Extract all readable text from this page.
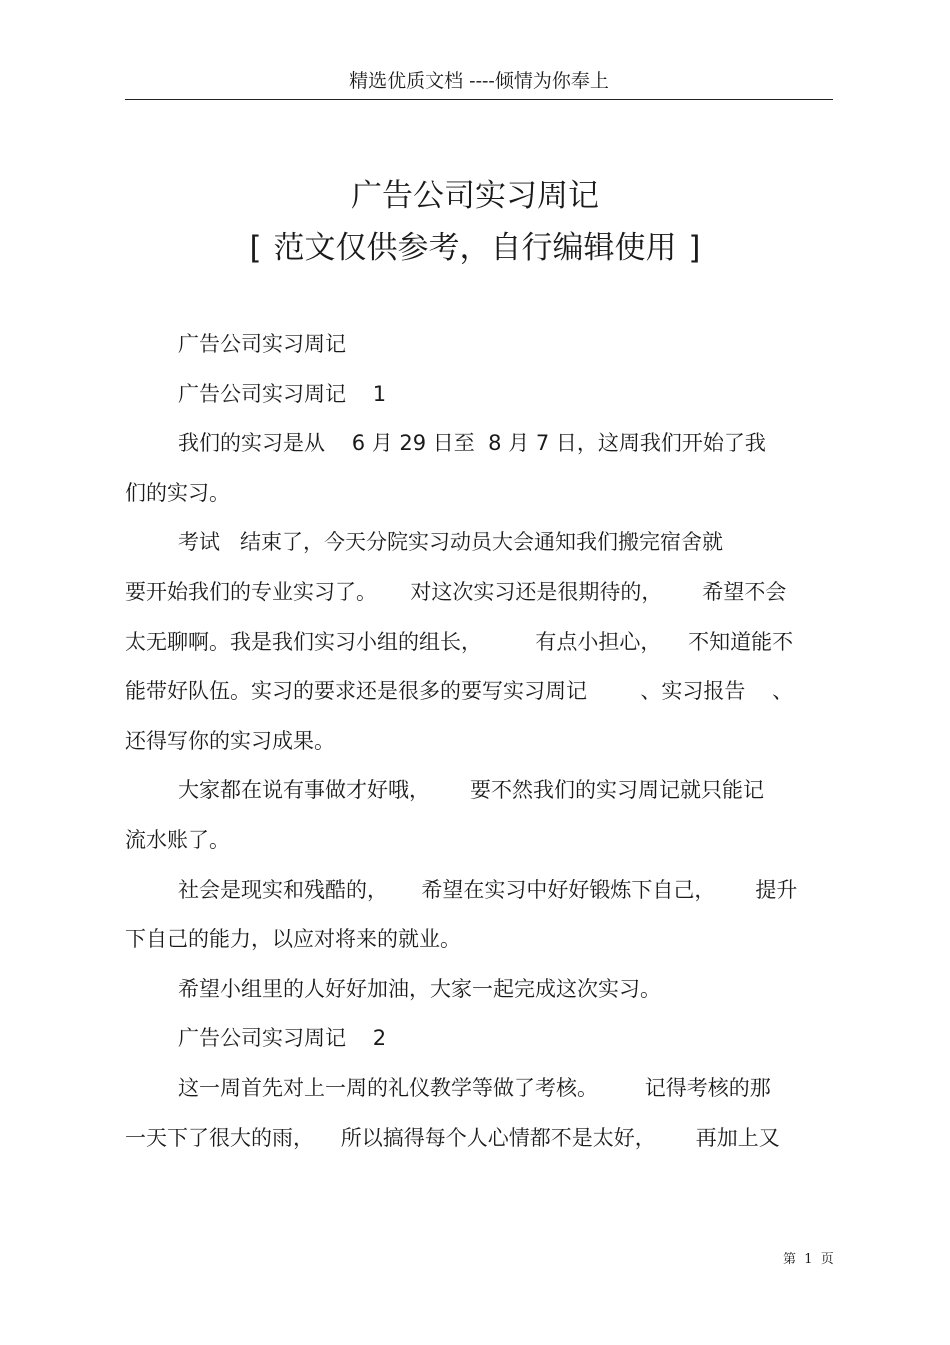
精选优质文档 ----倾情为你奉上
广告公司实习周记
[ 范文仅供参考，自行编辑使用 ]
广告公司实习周记
广告公司实习周记    1
我们的实习是从    6 月 29 日至  8 月 7 日，这周我们开始了我
们的实习。
考试   结束了，今天分院实习动员大会通知我们搬完宿舍就
要开始我们的专业实习了。     对这次实习还是很期待的，      希望不会
太无聊啊。我是我们实习小组的组长，        有点小担心，    不知道能不
能带好队伍。实习的要求还是很多的要写实习周记        、实习报告    、
还得写你的实习成果。
大家都在说有事做才好哦，      要不然我们的实习周记就只能记
流水账了。
社会是现实和残酷的，     希望在实习中好好锻炼下自己，      提升
下自己的能力，以应对将来的就业。
希望小组里的人好好加油，大家一起完成这次实习。
广告公司实习周记    2
这一周首先对上一周的礼仪教学等做了考核。       记得考核的那
一天下了很大的雨，    所以搞得每个人心情都不是太好，      再加上又
第  1  页
